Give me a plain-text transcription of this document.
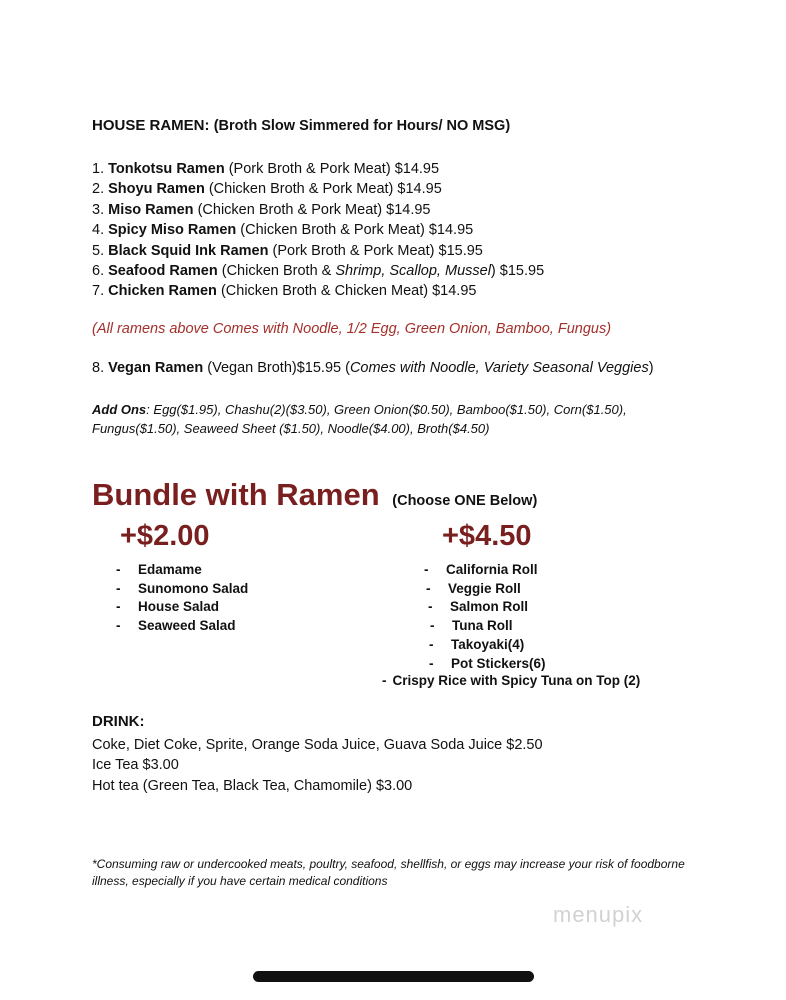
HOUSE RAMEN: (Broth Slow Simmered for Hours/ NO MSG)
1. Tonkotsu Ramen (Pork Broth & Pork Meat) $14.95
2. Shoyu Ramen (Chicken Broth & Pork Meat) $14.95
3. Miso Ramen (Chicken Broth & Pork Meat) $14.95
4. Spicy Miso Ramen (Chicken Broth & Pork Meat) $14.95
5. Black Squid Ink Ramen (Pork Broth & Pork Meat) $15.95
6. Seafood Ramen (Chicken Broth & Shrimp, Scallop, Mussel) $15.95
7. Chicken Ramen (Chicken Broth & Chicken Meat) $14.95
(All ramens above Comes with Noodle, 1/2 Egg, Green Onion, Bamboo, Fungus)
8. Vegan Ramen (Vegan Broth)$15.95 (Comes with Noodle, Variety Seasonal Veggies)
Add Ons: Egg($1.95), Chashu(2)($3.50), Green Onion($0.50), Bamboo($1.50), Corn($1.50), Fungus($1.50), Seaweed Sheet ($1.50), Noodle($4.00), Broth($4.50)
Bundle with Ramen (Choose ONE Below)
+$2.00	+$4.50
- Edamame
- Sunomono Salad
- House Salad
- Seaweed Salad
- California Roll
- Veggie Roll
- Salmon Roll
- Tuna Roll
- Takoyaki(4)
- Pot Stickers(6)
- Crispy Rice with Spicy Tuna on Top (2)
DRINK:
Coke, Diet Coke, Sprite, Orange Soda Juice, Guava Soda Juice $2.50
Ice Tea $3.00
Hot tea (Green Tea, Black Tea, Chamomile) $3.00
*Consuming raw or undercooked meats, poultry, seafood, shellfish, or eggs may increase your risk of foodborne illness, especially if you have certain medical conditions
menupix
